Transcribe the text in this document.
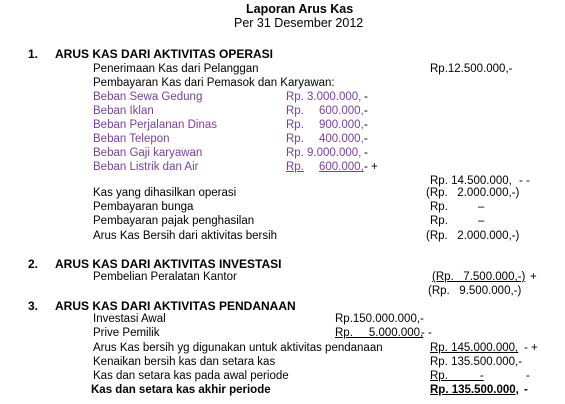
Laporan Arus Kas
Per 31 Desember 2012
1. ARUS KAS DARI AKTIVITAS OPERASI
Penerimaan Kas dari Pelanggan	Rp.12.500.000,-
Pembayaran Kas dari Pemasok dan Karyawan:
Beban Sewa Gedung	Rp. 3.000.000, -
Beban Iklan	Rp. 600.000, -
Beban Perjalanan Dinas	Rp. 900.000, -
Beban Telepon	Rp. 400.000, -
Beban Gaji karyawan	Rp. 9.000.000, -
Beban Listrik dan Air	Rp. 600.000, - +
Rp. 14.500.000, - -
Kas yang dihasilkan operasi	(Rp.   2.000.000,-)
Pembayaran bunga	Rp.	–
Pembayaran pajak penghasilan	Rp.	–
Arus Kas Bersih dari aktivitas bersih	(Rp.   2.000.000,-)
2. ARUS KAS DARI AKTIVITAS INVESTASI
Pembelian Peralatan Kantor	(Rp.   7.500.000,-) +
(Rp.   9.500.000,-)
3. ARUS KAS DARI AKTIVITAS PENDANAAN
Investasi Awal	Rp.150.000.000,-
Prive Pemilik	Rp.     5.000.000,
- -
Arus Kas bersih yg digunakan untuk aktivitas pendanaan	Rp. 145.000.000, - +
Kenaikan bersih kas dan setara kas	Rp. 135.500.000,-
Kas dan setara kas pada awal periode	Rp.          -	-
Kas dan setara kas akhir periode	Rp. 135.500.000, -
